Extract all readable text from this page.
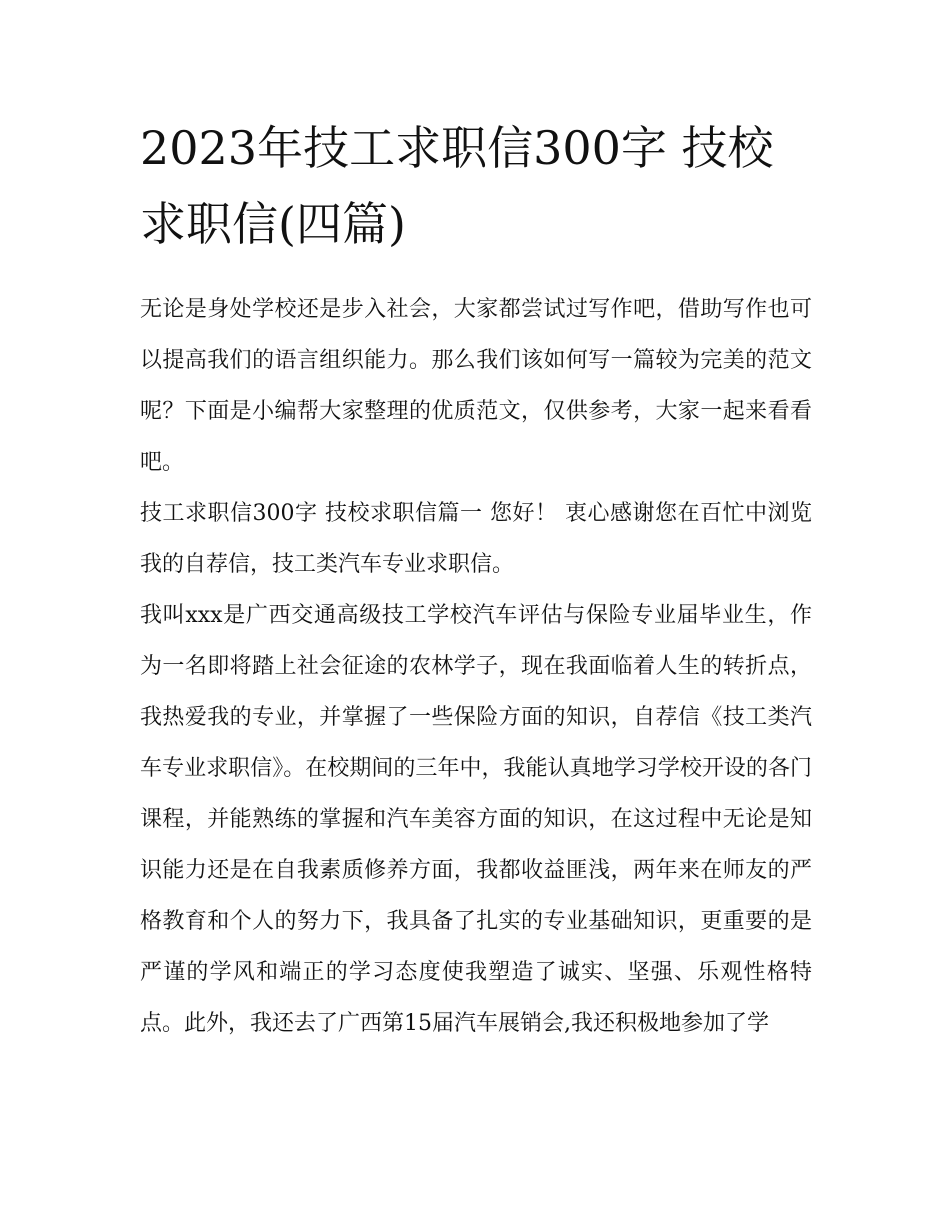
2023年技工求职信300字 技校求职信(四篇)

无论是身处学校还是步入社会，大家都尝试过写作吧，借助写作也可以提高我们的语言组织能力。那么我们该如何写一篇较为完美的范文呢？下面是小编帮大家整理的优质范文，仅供参考，大家一起来看看吧。

技工求职信300字 技校求职信篇一 您好！ 衷心感谢您在百忙中浏览我的自荐信，技工类汽车专业求职信。

我叫xxx是广西交通高级技工学校汽车评估与保险专业届毕业生，作为一名即将踏上社会征途的农林学子，现在我面临着人生的转折点，我热爱我的专业，并掌握了一些保险方面的知识，自荐信《技工类汽车专业求职信》。在校期间的三年中，我能认真地学习学校开设的各门课程，并能熟练的掌握和汽车美容方面的知识，在这过程中无论是知识能力还是在自我素质修养方面，我都收益匪浅，两年来在师友的严格教育和个人的努力下，我具备了扎实的专业基础知识，更重要的是严谨的学风和端正的学习态度使我塑造了诚实、坚强、乐观性格特点。此外，我还去了广西第15届汽车展销会,我还积极地参加了学
